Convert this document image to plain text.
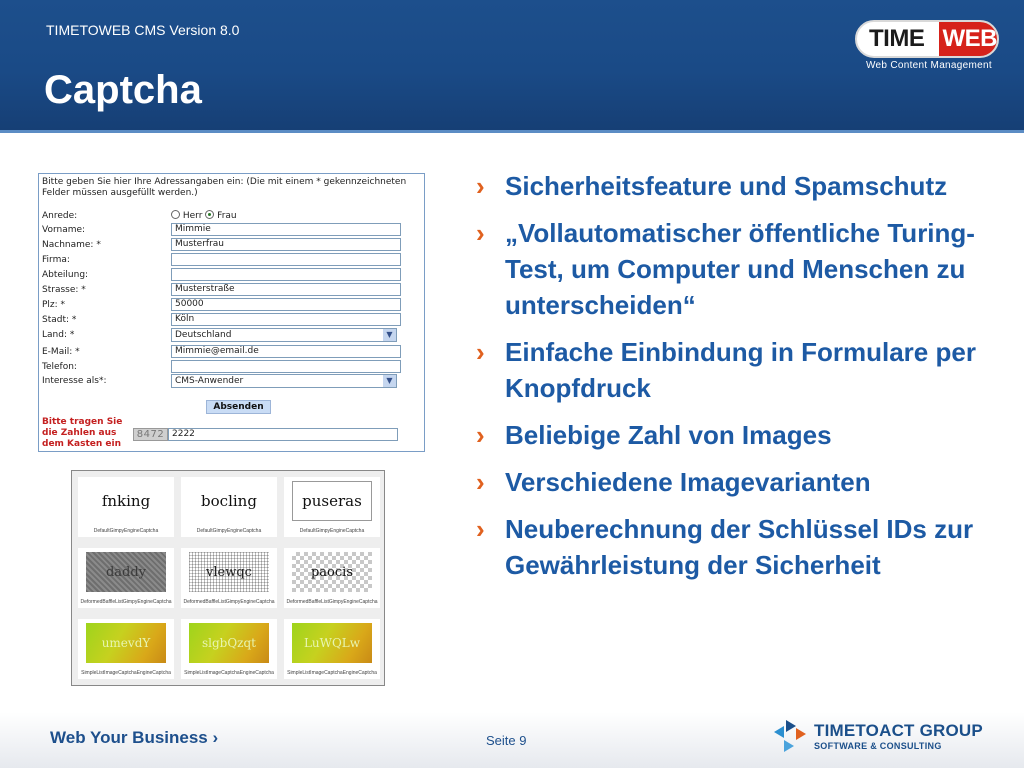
TIMETOWEB CMS Version 8.0
Captcha
TIME WEB
Web Content Management
Bitte geben Sie hier Ihre Adressangaben ein: (Die mit einem * gekennzeichneten Felder müssen ausgefüllt werden.)
Anrede:	Herr Frau
Vorname:	Mimmie
Nachname: *	Musterfrau
Firma:
Abteilung:
Strasse: *	Musterstraße
Plz: *	50000
Stadt: *	Köln
Land: *	Deutschland	▼
E-Mail: *	Mimmie@email.de
Telefon:
Interesse als*:	CMS-Anwender	▼
Absenden
Bitte tragen Sie die Zahlen aus dem Kasten ein
8472 2222
fnking
DefaultGimpyEngineCaptcha
bocling
DefaultGimpyEngineCaptcha
puseras
DefaultGimpyEngineCaptcha
daddy
DeformedBaffleListGimpyEngineCaptcha
vlewqc
DeformedBaffleListGimpyEngineCaptcha
paocis
DeformedBaffleListGimpyEngineCaptcha
umevdY
SimpleListImageCaptchaEngineCaptcha
slgbQzqt
SimpleListImageCaptchaEngineCaptcha
LuWQLw
SimpleListImageCaptchaEngineCaptcha
› Sicherheitsfeature und Spamschutz
› „Vollautomatischer öffentliche Turing-Test, um Computer und Menschen zu unterscheiden“
› Einfache Einbindung in Formulare per Knopfdruck
› Beliebige Zahl von Images
› Verschiedene Imagevarianten
› Neuberechnung der Schlüssel IDs zur Gewährleistung der Sicherheit
Web Your Business ›	Seite 9
TIMETOACT GROUP
SOFTWARE & CONSULTING
